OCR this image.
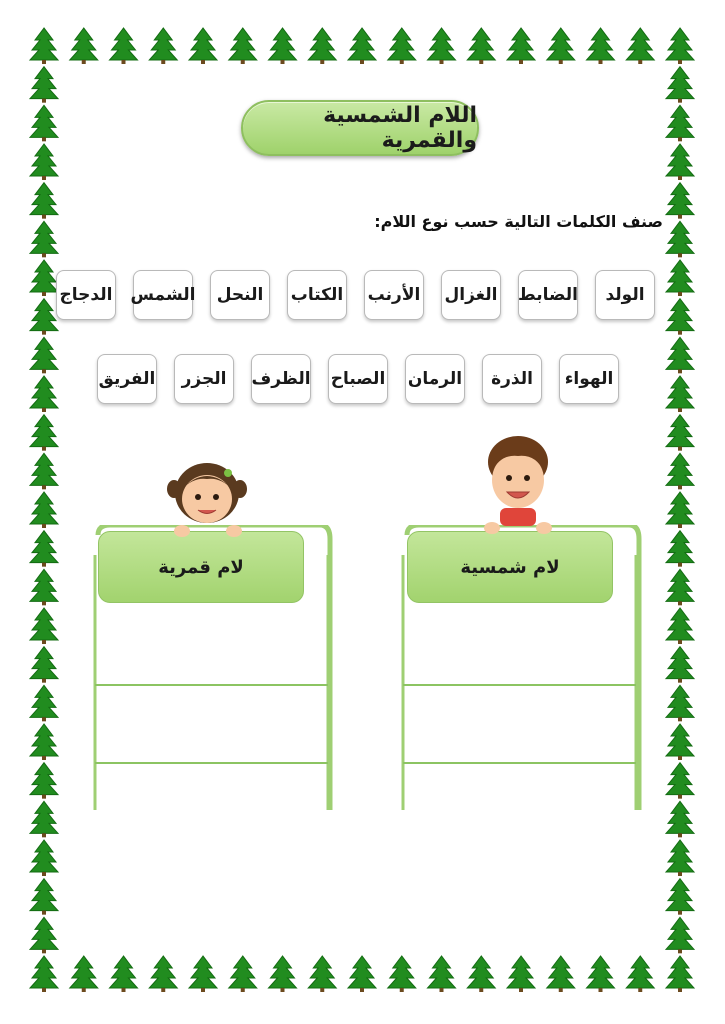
اللام الشمسية والقمرية
صنف الكلمات التالية حسب نوع اللام:
الولد
الضابط
الغزال
الأرنب
الكتاب
النحل
الشمس
الدجاج
الهواء
الذرة
الرمان
الصباح
الظرف
الجزر
الفريق
لام قمرية	لام شمسية
